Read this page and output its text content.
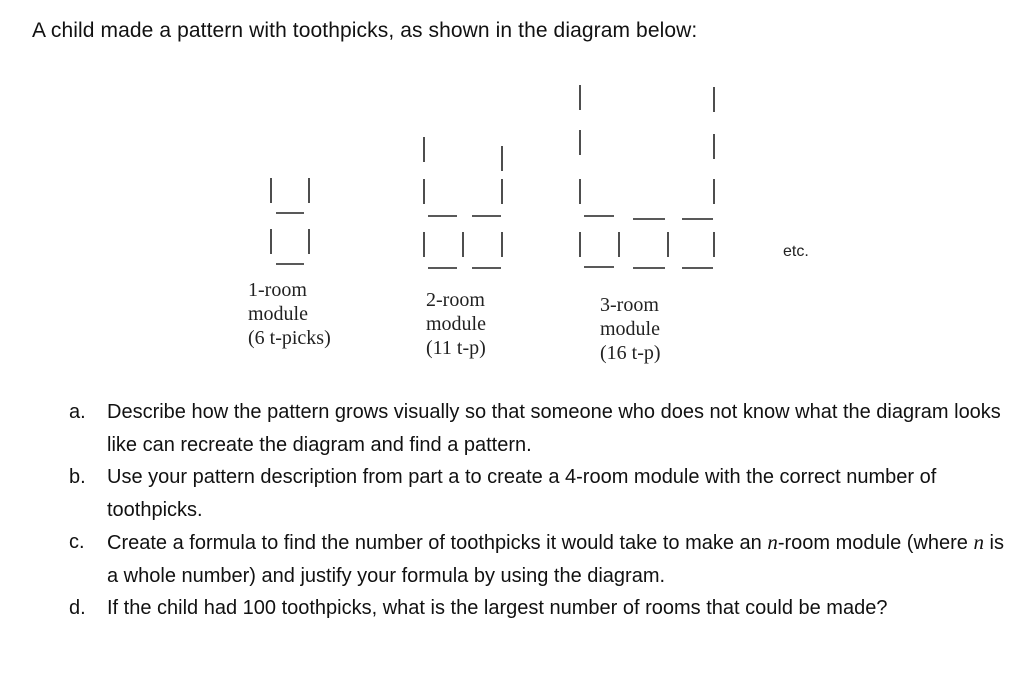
A child made a pattern with toothpicks, as shown in the diagram below:
1-room
module
(6 t-picks)
2-room
module
(11 t-p)
3-room
module
(16 t-p)
etc.
a.	Describe how the pattern grows visually so that someone who does not know what the diagram looks like can recreate the diagram and find a pattern.
b.	Use your pattern description from part a to create a 4-room module with the correct number of toothpicks.
c.	Create a formula to find the number of toothpicks it would take to make an n-room module (where n is a whole number) and justify your formula by using the diagram.
d.	If the child had 100 toothpicks, what is the largest number of rooms that could be made?
